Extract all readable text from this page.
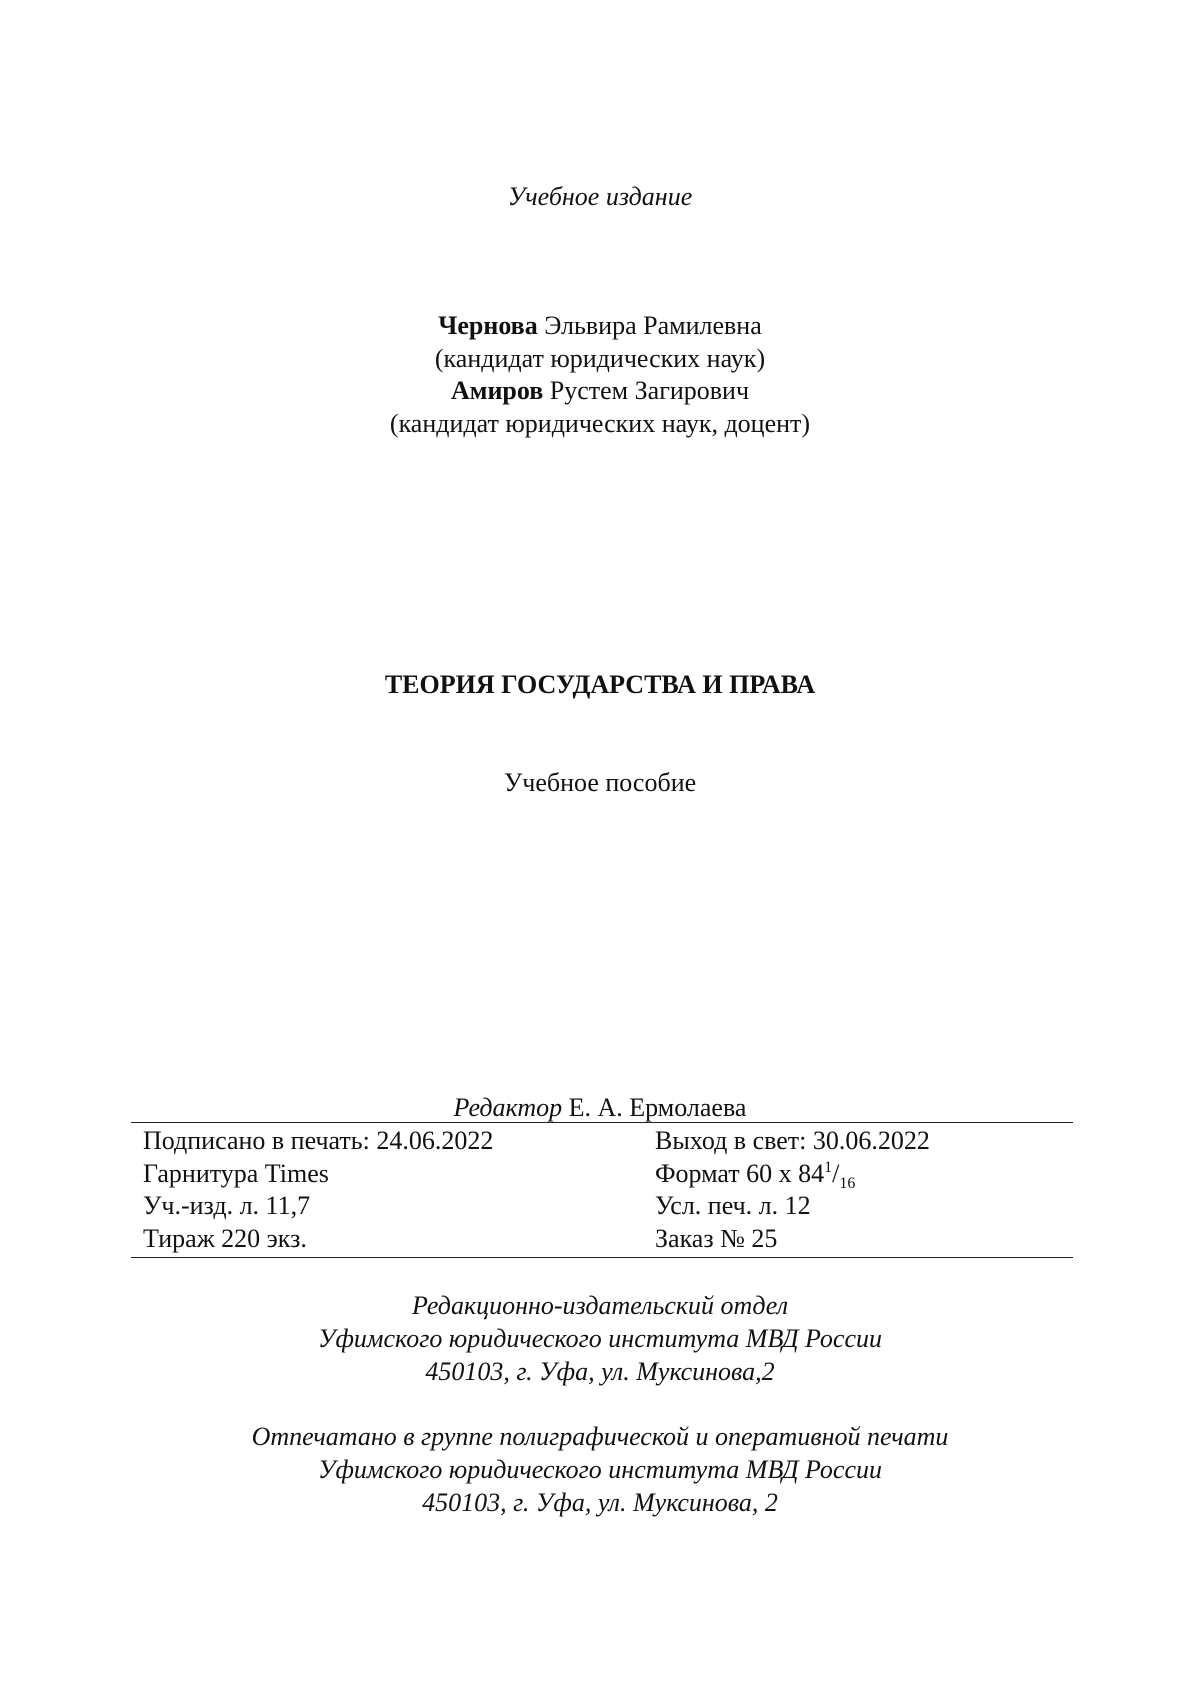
Учебное издание
Чернова Эльвира Рамилевна
(кандидат юридических наук)
Амиров Рустем Загирович
(кандидат юридических наук, доцент)
ТЕОРИЯ ГОСУДАРСТВА И ПРАВА
Учебное пособие
Редактор Е. А. Ермолаева
Подписано в печать: 24.06.2022	Выход в свет: 30.06.2022
Гарнитура Times	Формат 60 х $84^1/_{16}$
Уч.-изд. л. 11,7	Усл. печ. л. 12
Тираж 220 экз.	Заказ № 25
Редакционно-издательский отдел
Уфимского юридического института МВД России
450103, г. Уфа, ул. Муксинова,2
Отпечатано в группе полиграфической и оперативной печати
Уфимского юридического института МВД России
450103, г. Уфа, ул. Муксинова, 2
